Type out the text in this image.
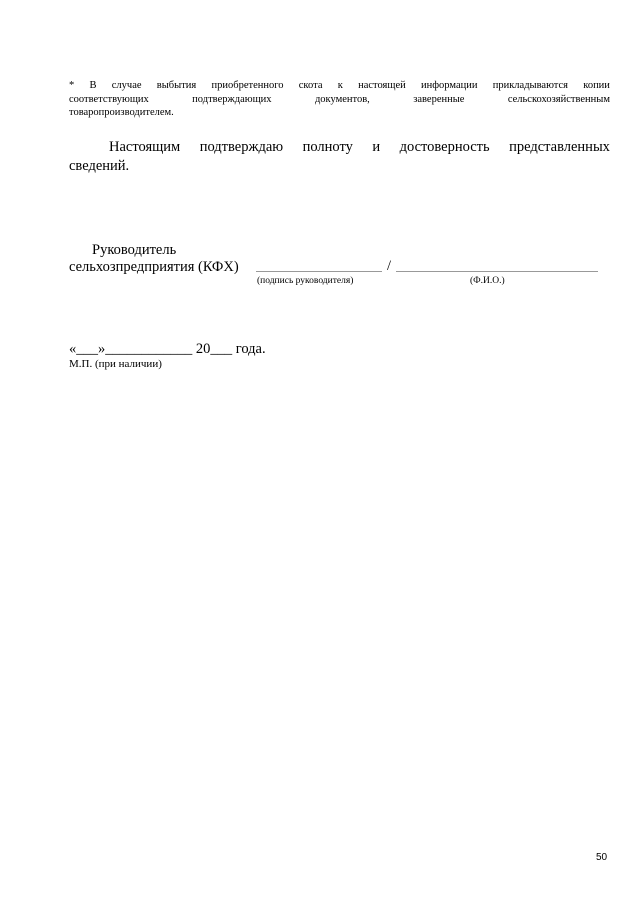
* В случае выбытия приобретенного скота к настоящей информации прикладываются копии
соответствующих	подтверждающих	документов,	заверенные	сельскохозяйственным
товаропроизводителем.
Настоящим подтверждаю полноту и достоверность представленных
сведений.
Руководитель
сельхозпредприятия (КФХ)	/
(подпись руководителя)	(Ф.И.О.)
«___»____________ 20___ года.
М.П. (при наличии)
50
